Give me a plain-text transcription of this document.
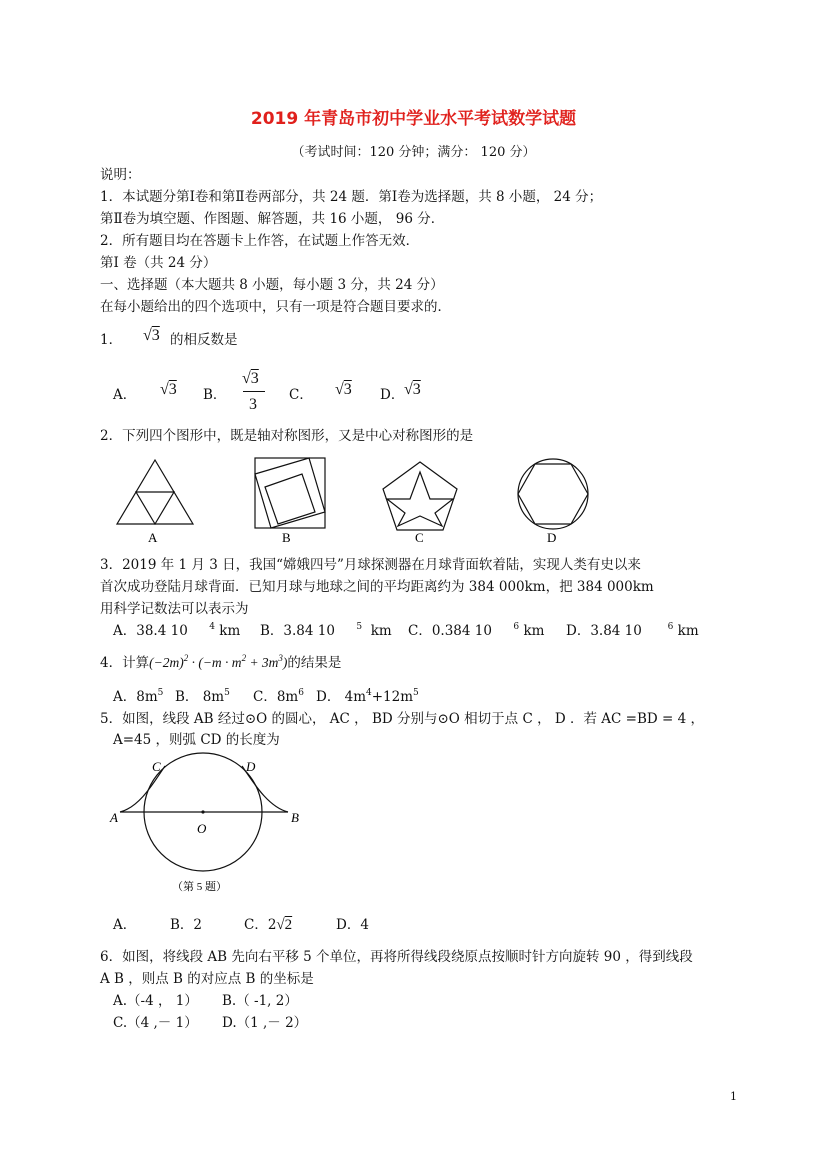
2019 年青岛市初中学业水平考试数学试题
（考试时间：120 分钟；满分： 120 分）
说明：
1．本试题分第Ⅰ卷和第Ⅱ卷两部分，共 24 题．第Ⅰ卷为选择题，共 8 小题， 24 分；
第Ⅱ卷为填空题、作图题、解答题，共 16 小题， 96 分．
2．所有题目均在答题卡上作答，在试题上作答无效．
第Ⅰ 卷（共 24 分）
一、选择题（本大题共 8 小题，每小题 3 分，共 24 分）
在每小题给出的四个选项中，只有一项是符合题目要求的．
1． √3 的相反数是
A． √3 B．
√3
3
C． √3 D． √3
2．下列四个图形中，既是轴对称图形，又是中心对称图形的是
A	B	C	D
3．2019 年 1 月 3 日，我国“嫦娥四号”月球探测器在月球背面软着陆，实现人类有史以来
首次成功登陆月球背面．已知月球与地球之间的平均距离约为 384 000km，把 384 000km
用科学记数法可以表示为
A．38.4 10 $^4$ km B．3.84 10 $^5$ km C．0.384 10 $^6$ km D．3.84 10	$^6$ km
4．计算$(-2m)^2 \cdot (-m \cdot m^2 + 3m^3)$的结果是
A．$8m^5$ B． $8m^5$ C．$8m^6$ D． $4m^4+12m^5$
5．如图，线段 AB 经过⊙O 的圆心， AC ， BD 分别与⊙O 相切于点 C ， D ．若 AC =BD = 4 ，
A=45 ，则弧 CD 的长度为
A	B
C	D
O
（第 5 题）
A．	B．2	C．2√2	D．4
6．如图，将线段 AB 先向右平移 5 个单位，再将所得线段绕原点按顺时针方向旋转 90 ，得到线段
A B ，则点 B 的对应点 B 的坐标是
A.（-4 ， 1） B.（ -1, 2）
C.（4 ,－ 1） D.（1 ,－ 2）
1
